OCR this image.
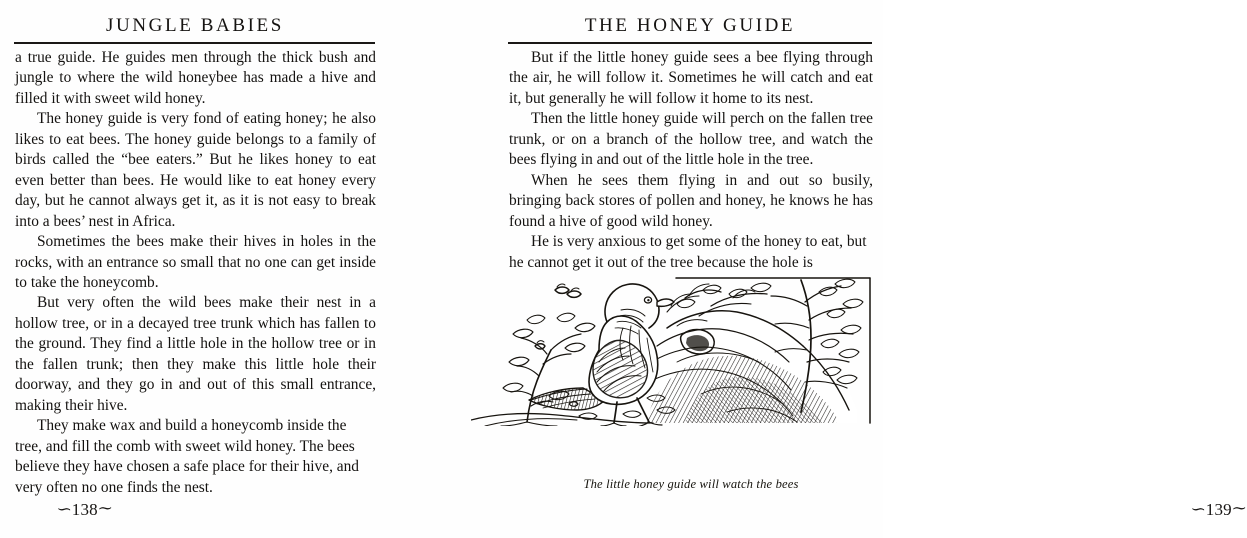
JUNGLE BABIES

a true guide. He guides men through the thick bush and jungle to where the wild honeybee has made a hive and filled it with sweet wild honey.

The honey guide is very fond of eating honey; he also likes to eat bees. The honey guide belongs to a family of birds called the “bee eaters.” But he likes honey to eat even better than bees. He would like to eat honey every day, but he cannot always get it, as it is not easy to break into a bees’ nest in Africa.

Sometimes the bees make their hives in holes in the rocks, with an entrance so small that no one can get inside to take the honeycomb.

But very often the wild bees make their nest in a hollow tree, or in a decayed tree trunk which has fallen to the ground. They find a little hole in the hollow tree or in the fallen trunk; then they make this little hole their doorway, and they go in and out of this small entrance, making their hive.

They make wax and build a honeycomb inside the tree, and fill the comb with sweet wild honey. The bees believe they have chosen a safe place for their hive, and very often no one finds the nest.

∽138∼
THE HONEY GUIDE

But if the little honey guide sees a bee flying through the air, he will follow it. Sometimes he will catch and eat it, but generally he will follow it home to its nest.

Then the little honey guide will perch on the fallen tree trunk, or on a branch of the hollow tree, and watch the bees flying in and out of the little hole in the tree.

When he sees them flying in and out so busily, bringing back stores of pollen and honey, he knows he has found a hive of good wild honey.

He is very anxious to get some of the honey to eat, but he cannot get it out of the tree because the hole is

The little honey guide will watch the bees
∽139∼
